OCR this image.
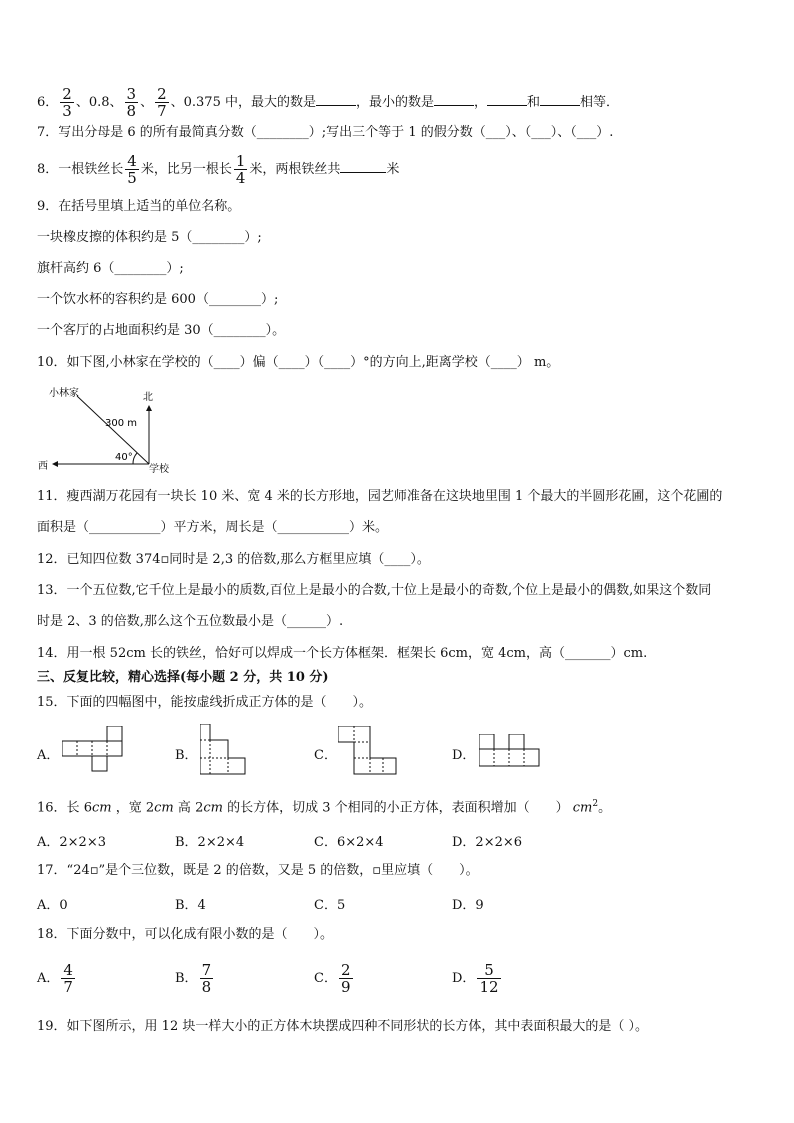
6． $\frac{2}{3}$ 、0.8、 $\frac{3}{8}$ 、 $\frac{2}{7}$ 、0.375 中，最大的数是	，最小的数是	，	和	相等．
7．写出分母是 6 的所有最简真分数（________）;写出三个等于 1 的假分数（___）、（___）、（___）.
8．一根铁丝长 $\frac{4}{5}$ 米，比另一根长 $\frac{1}{4}$ 米，两根铁丝共	米
9．在括号里填上适当的单位名称。
一块橡皮擦的体积约是 5（________）;
旗杆高约 6（________）;
一个饮水杯的容积约是 600（________）;
一个客厅的占地面积约是 30（________）。
10．如下图,小林家在学校的（____）偏（____）（____）°的方向上,距离学校（____） m。
小林家	北
西	学校
300 m
40°
11．瘦西湖万花园有一块长 10 米、宽 4 米的长方形地，园艺师准备在这块地里围 1 个最大的半圆形花圃，这个花圃的
面积是（___________）平方米，周长是（___________）米。
12．已知四位数 374▫同时是 2,3 的倍数,那么方框里应填（____）。
13．一个五位数,它千位上是最小的质数,百位上是最小的合数,十位上是最小的奇数,个位上是最小的偶数,如果这个数同
时是 2、3 的倍数,那么这个五位数最小是（______）.
14．用一根 52cm 长的铁丝，恰好可以焊成一个长方体框架．框架长 6cm，宽 4cm，高（_______）cm.
三、反复比较，精心选择(每小题 2 分，共 10 分)
15．下面的四幅图中，能按虚线折成正方体的是（　　）。
A．	B．	C．	D．
16．长 6cm ，宽 2cm 高 2cm 的长方体，切成 3 个相同的小正方体，表面积增加（　　） $cm^2$。
A．2×2×3	B．2×2×4	C．6×2×4	D．2×2×6
17．“24▫”是个三位数，既是 2 的倍数，又是 5 的倍数，▫里应填（　　）。
A．0	B．4	C．5	D．9
18．下面分数中，可以化成有限小数的是（　　）。
A． $\frac{4}{7}$	B． $\frac{7}{8}$	C． $\frac{2}{9}$	D． $\frac{5}{12}$
19．如下图所示，用 12 块一样大小的正方体木块摆成四种不同形状的长方体，其中表面积最大的是（ ）。
